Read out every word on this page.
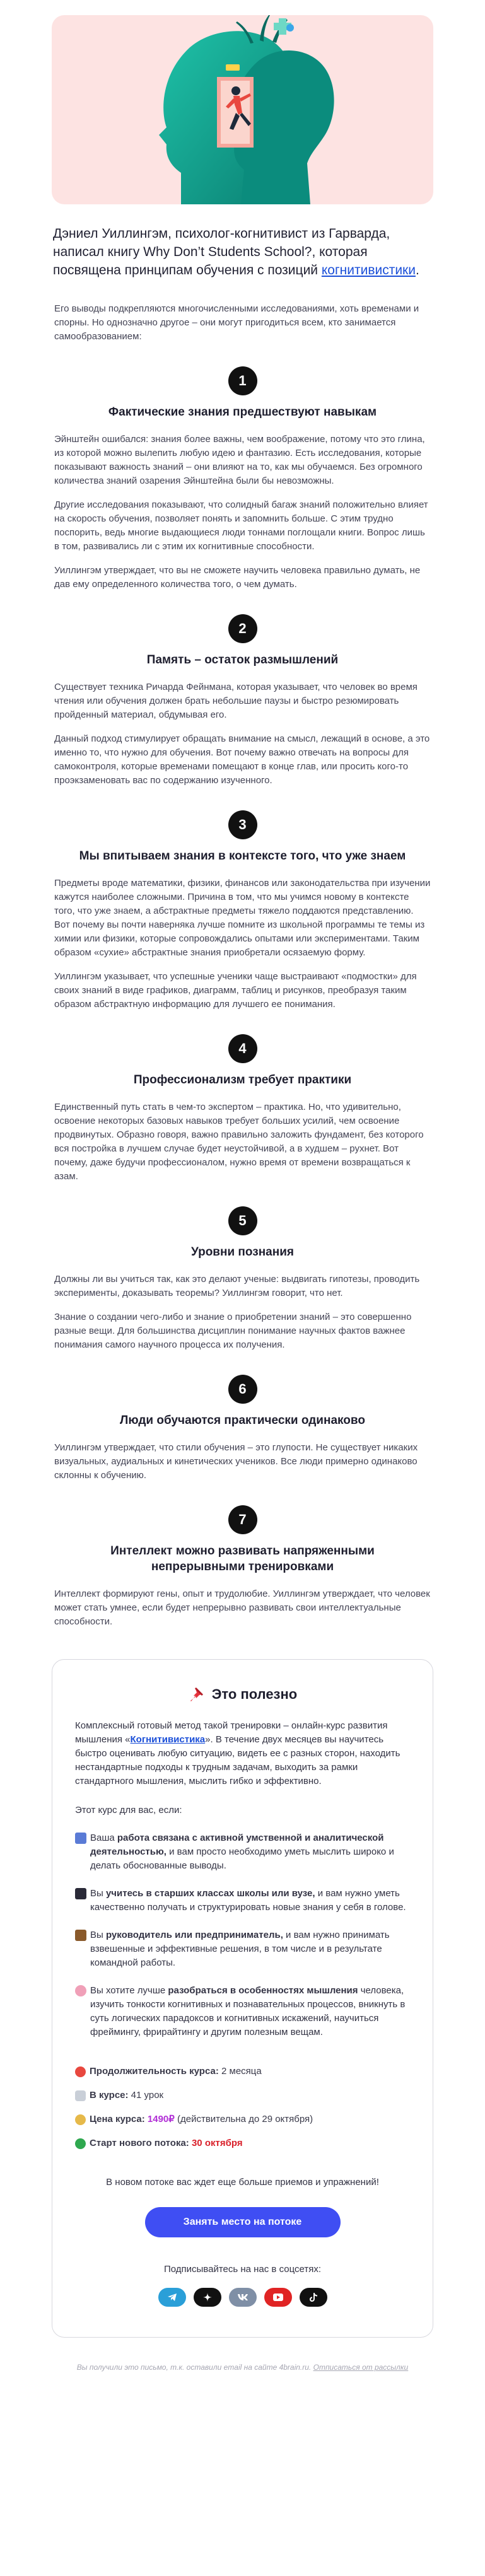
Дэниел Уиллингэм, психолог-когнитивист из Гарварда, написал книгу Why Don’t Students School?, которая посвящена принципам обучения с позиций когнитивистики.

Его выводы подкрепляются многочисленными исследованиями, хоть временами и спорны. Но однозначно другое – они могут пригодиться всем, кто занимается самообразованием:

1
Фактические знания предшествуют навыкам

Эйнштейн ошибался: знания более важны, чем воображение, потому что это глина, из которой можно вылепить любую идею и фантазию. Есть исследования, которые показывают важность знаний – они влияют на то, как мы обучаемся. Без огромного количества знаний озарения Эйнштейна были бы невозможны.

Другие исследования показывают, что солидный багаж знаний положительно влияет на скорость обучения, позволяет понять и запомнить больше. С этим трудно поспорить, ведь многие выдающиеся люди тоннами поглощали книги. Вопрос лишь в том, развивались ли с этим их когнитивные способности.

Уиллингэм утверждает, что вы не сможете научить человека правильно думать, не дав ему определенного количества того, о чем думать.

2
Память – остаток размышлений

Существует техника Ричарда Фейнмана, которая указывает, что человек во время чтения или обучения должен брать небольшие паузы и быстро резюмировать пройденный материал, обдумывая его.

Данный подход стимулирует обращать внимание на смысл, лежащий в основе, а это именно то, что нужно для обучения. Вот почему важно отвечать на вопросы для самоконтроля, которые временами помещают в конце глав, или просить кого-то проэкзаменовать вас по содержанию изученного.

3
Мы впитываем знания в контексте того, что уже знаем

Предметы вроде математики, физики, финансов или законодательства при изучении кажутся наиболее сложными. Причина в том, что мы учимся новому в контексте того, что уже знаем, а абстрактные предметы тяжело поддаются представлению. Вот почему вы почти наверняка лучше помните из школьной программы те темы из химии или физики, которые сопровождались опытами или экспериментами. Таким образом «сухие» абстрактные знания приобретали осязаемую форму.

Уиллингэм указывает, что успешные ученики чаще выстраивают «подмостки» для своих знаний в виде графиков, диаграмм, таблиц и рисунков, преобразуя таким образом абстрактную информацию для лучшего ее понимания.

4
Профессионализм требует практики

Единственный путь стать в чем-то экспертом – практика. Но, что удивительно, освоение некоторых базовых навыков требует больших усилий, чем освоение продвинутых. Образно говоря, важно правильно заложить фундамент, без которого вся постройка в лучшем случае будет неустойчивой, а в худшем – рухнет. Вот почему, даже будучи профессионалом, нужно время от времени возвращаться к азам.

5
Уровни познания

Должны ли вы учиться так, как это делают ученые: выдвигать гипотезы, проводить эксперименты, доказывать теоремы? Уиллингэм говорит, что нет.

Знание о создании чего-либо и знание о приобретении знаний – это совершенно разные вещи. Для большинства дисциплин понимание научных фактов важнее понимания самого научного процесса их получения.

6
Люди обучаются практически одинаково

Уиллингэм утверждает, что стили обучения – это глупости. Не существует никаких визуальных, аудиальных и кинетических учеников. Все люди примерно одинаково склонны к обучению.

7
Интеллект можно развивать напряженными непрерывными тренировками

Интеллект формируют гены, опыт и трудолюбие. Уиллингэм утверждает, что человек может стать умнее, если будет непрерывно развивать свои интеллектуальные способности.

Это полезно

Комплексный готовый метод такой тренировки – онлайн-курс развития мышления «Когнитивистика». В течение двух месяцев вы научитесь быстро оценивать любую ситуацию, видеть ее с разных сторон, находить нестандартные подходы к трудным задачам, выходить за рамки стандартного мышления, мыслить гибко и эффективно.

Этот курс для вас, если:

Ваша работа связана с активной умственной и аналитической деятельностью, и вам просто необходимо уметь мыслить широко и делать обоснованные выводы.

Вы учитесь в старших классах школы или вузе, и вам нужно уметь качественно получать и структурировать новые знания у себя в голове.

Вы руководитель или предприниматель, и вам нужно принимать взвешенные и эффективные решения, в том числе и в результате командной работы.

Вы хотите лучше разобраться в особенностях мышления человека, изучить тонкости когнитивных и познавательных процессов, вникнуть в суть логических парадоксов и когнитивных искажений, научиться фреймингу, фрирайтингу и другим полезным вещам.

Продолжительность курса: 2 месяца
В курсе: 41 урок
Цена курса: 1490₽ (действительна до 29 октября)
Старт нового потока: 30 октября

В новом потоке вас ждет еще больше приемов и упражнений!

Занять место на потоке

Подписывайтесь на нас в соцсетях:

Вы получили это письмо, т.к. оставили email на сайте 4brain.ru. Отписаться от рассылки
